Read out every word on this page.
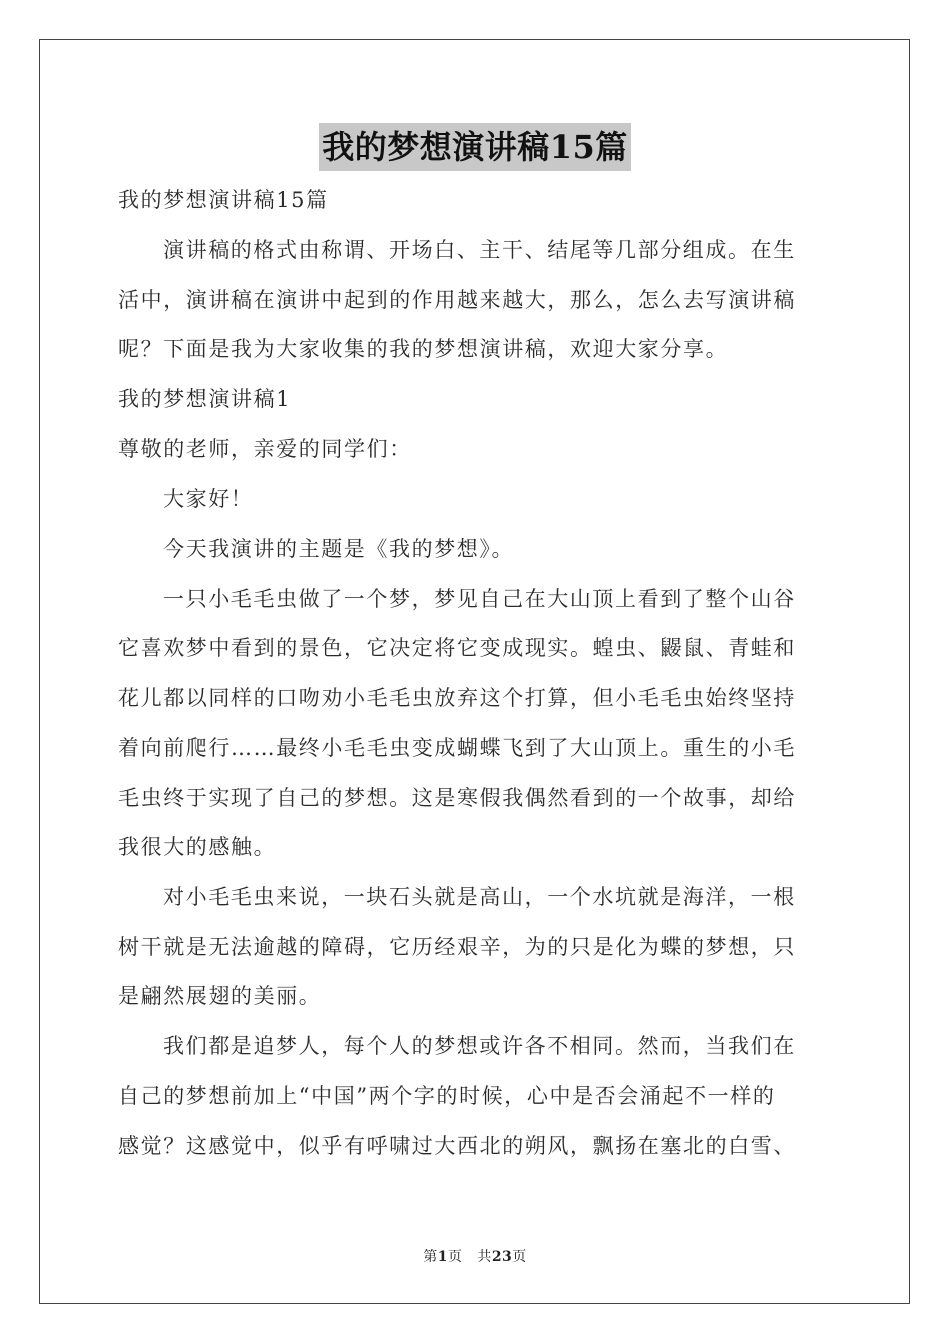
我的梦想演讲稿15篇
我的梦想演讲稿15篇
演讲稿的格式由称谓、开场白、主干、结尾等几部分组成。在生
活中，演讲稿在演讲中起到的作用越来越大，那么，怎么去写演讲稿
呢？下面是我为大家收集的我的梦想演讲稿，欢迎大家分享。
我的梦想演讲稿1
尊敬的老师，亲爱的同学们：
大家好！
今天我演讲的主题是《我的梦想》。
一只小毛毛虫做了一个梦，梦见自己在大山顶上看到了整个山谷
它喜欢梦中看到的景色，它决定将它变成现实。蝗虫、鼹鼠、青蛙和
花儿都以同样的口吻劝小毛毛虫放弃这个打算，但小毛毛虫始终坚持
着向前爬行……最终小毛毛虫变成蝴蝶飞到了大山顶上。重生的小毛
毛虫终于实现了自己的梦想。这是寒假我偶然看到的一个故事，却给
我很大的感触。
对小毛毛虫来说，一块石头就是高山，一个水坑就是海洋，一根
树干就是无法逾越的障碍，它历经艰辛，为的只是化为蝶的梦想，只
是翩然展翅的美丽。
我们都是追梦人，每个人的梦想或许各不相同。然而，当我们在
自己的梦想前加上“中国”两个字的时候，心中是否会涌起不一样的
感觉？这感觉中，似乎有呼啸过大西北的朔风，飘扬在塞北的白雪、
第1页 共23页
